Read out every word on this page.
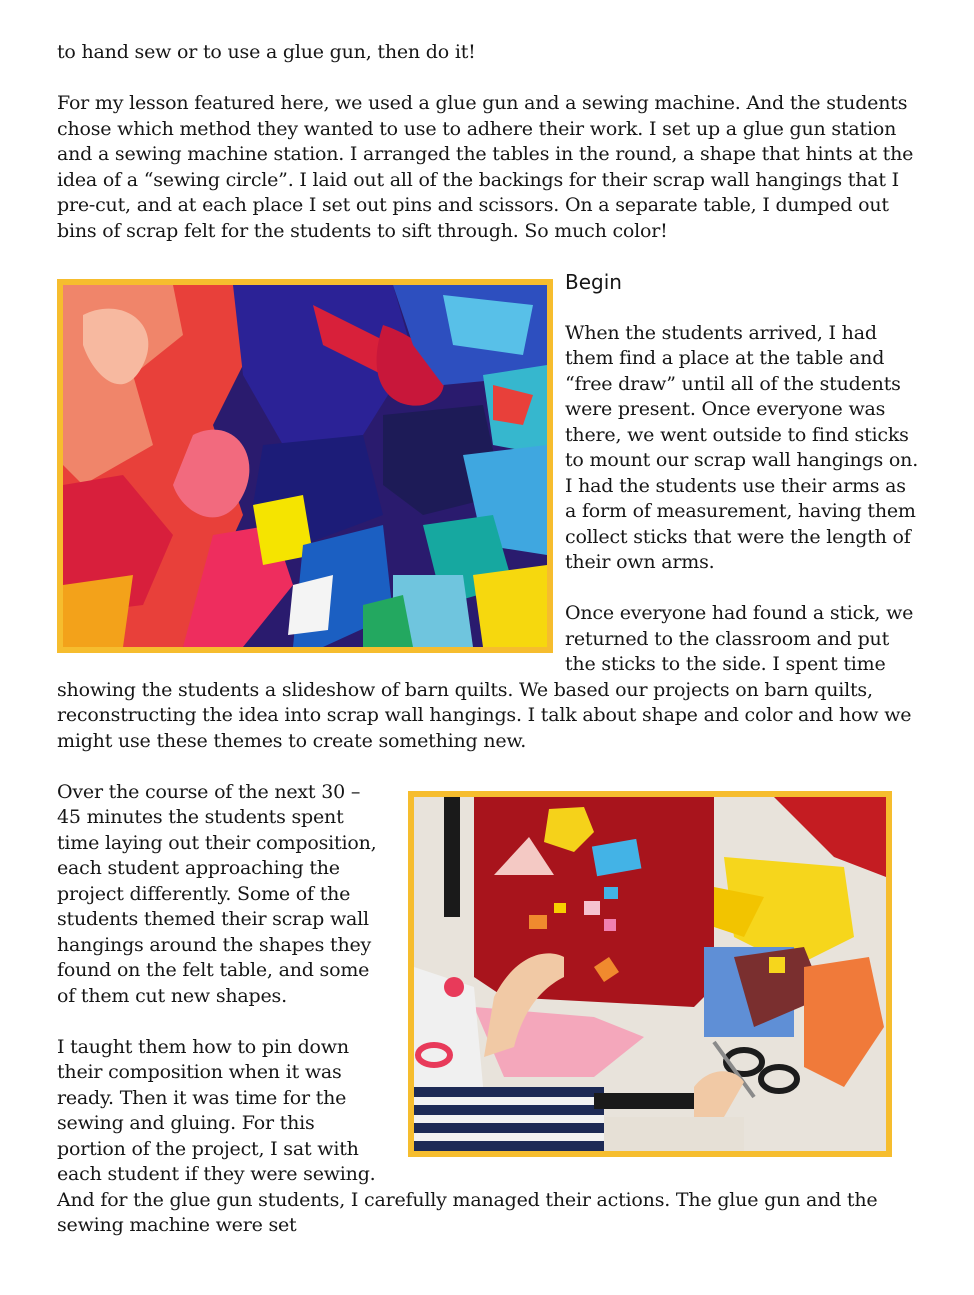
to hand sew or to use a glue gun, then do it!

For my lesson featured here, we used a glue gun and a sewing machine. And the students chose which method they wanted to use to adhere their work. I set up a glue gun station and a sewing machine station. I arranged the tables in the round, a shape that hints at the idea of a “sewing circle”. I laid out all of the backings for their scrap wall hangings that I pre-cut, and at each place I set out pins and scissors. On a separate table, I dumped out bins of scrap felt for the students to sift through. So much color!

Begin

When the students arrived, I had them find a place at the table and “free draw” until all of the students were present. Once everyone was there, we went outside to find sticks to mount our scrap wall hangings on. I had the students use their arms as a form of measurement, having them collect sticks that were the length of their own arms.

Once everyone had found a stick, we returned to the classroom and put the sticks to the side. I spent time showing the students a slideshow of barn quilts. We based our projects on barn quilts, reconstructing the idea into scrap wall hangings. I talk about shape and color and how we might use these themes to create something new.

Over the course of the next 30 – 45 minutes the students spent time laying out their composition, each student approaching the project differently. Some of the students themed their scrap wall hangings around the shapes they found on the felt table, and some of them cut new shapes.

I taught them how to pin down their composition when it was ready. Then it was time for the sewing and gluing. For this portion of the project, I sat with each student if they were sewing. And for the glue gun students, I carefully managed their actions. The glue gun and the sewing machine were set
